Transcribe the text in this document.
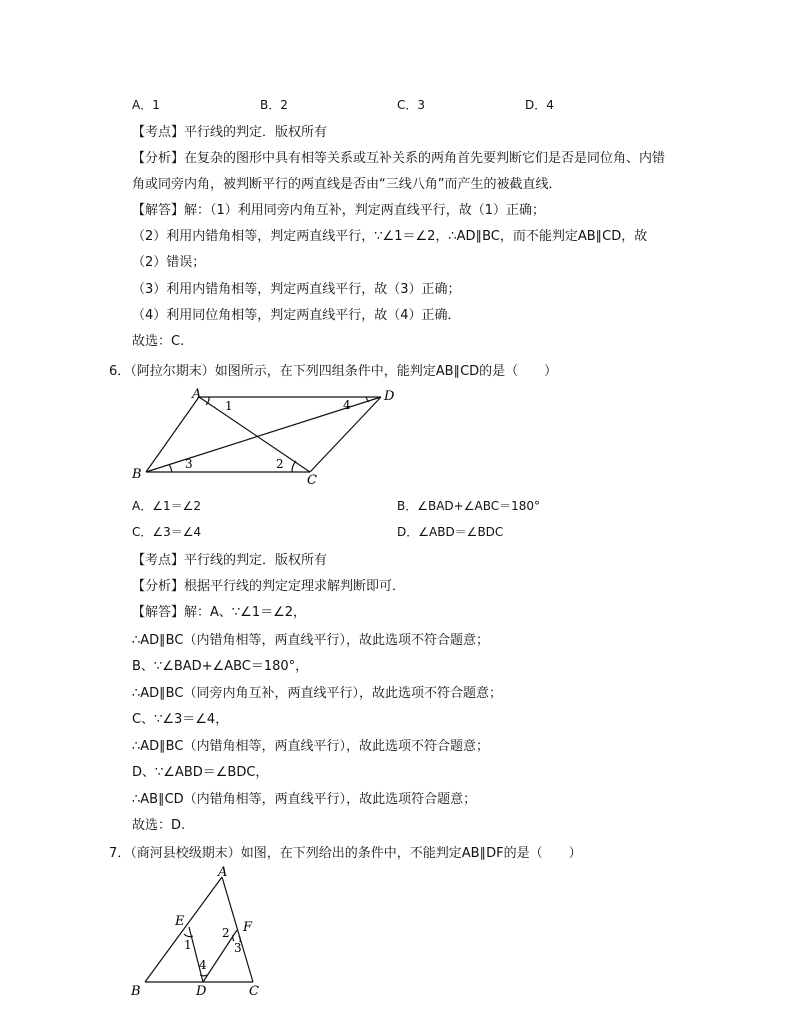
A．1	B．2	C．3	D．4
【考点】平行线的判定．版权所有
【分析】在复杂的图形中具有相等关系或互补关系的两角首先要判断它们是否是同位角、内错
角或同旁内角，被判断平行的两直线是否由“三线八角”而产生的被截直线．
【解答】解：（1）利用同旁内角互补，判定两直线平行，故（1）正确；
（2）利用内错角相等，判定两直线平行，∵∠1＝∠2，∴AD∥BC，而不能判定AB∥CD，故
（2）错误；
（3）利用内错角相等，判定两直线平行，故（3）正确；
（4）利用同位角相等，判定两直线平行，故（4）正确．
故选：C.
6．（阿拉尔期末）如图所示，在下列四组条件中，能判定AB∥CD的是（　　）
A	D
B	C
1	4
3	2
A．∠1＝∠2	B．∠BAD+∠ABC＝180°
C．∠3＝∠4	D．∠ABD＝∠BDC
【考点】平行线的判定．版权所有
【分析】根据平行线的判定定理求解判断即可．
【解答】解：A、∵∠1＝∠2，
∴AD∥BC（内错角相等，两直线平行），故此选项不符合题意；
B、∵∠BAD+∠ABC＝180°，
∴AD∥BC（同旁内角互补，两直线平行），故此选项不符合题意；
C、∵∠3＝∠4，
∴AD∥BC（内错角相等，两直线平行），故此选项不符合题意；
D、∵∠ABD＝∠BDC，
∴AB∥CD（内错角相等，两直线平行），故此选项符合题意；
故选：D.
7．（商河县校级期末）如图，在下列给出的条件中，不能判定AB∥DF的是（　　）
A
E	F
B	D	C
1
2
3
4
